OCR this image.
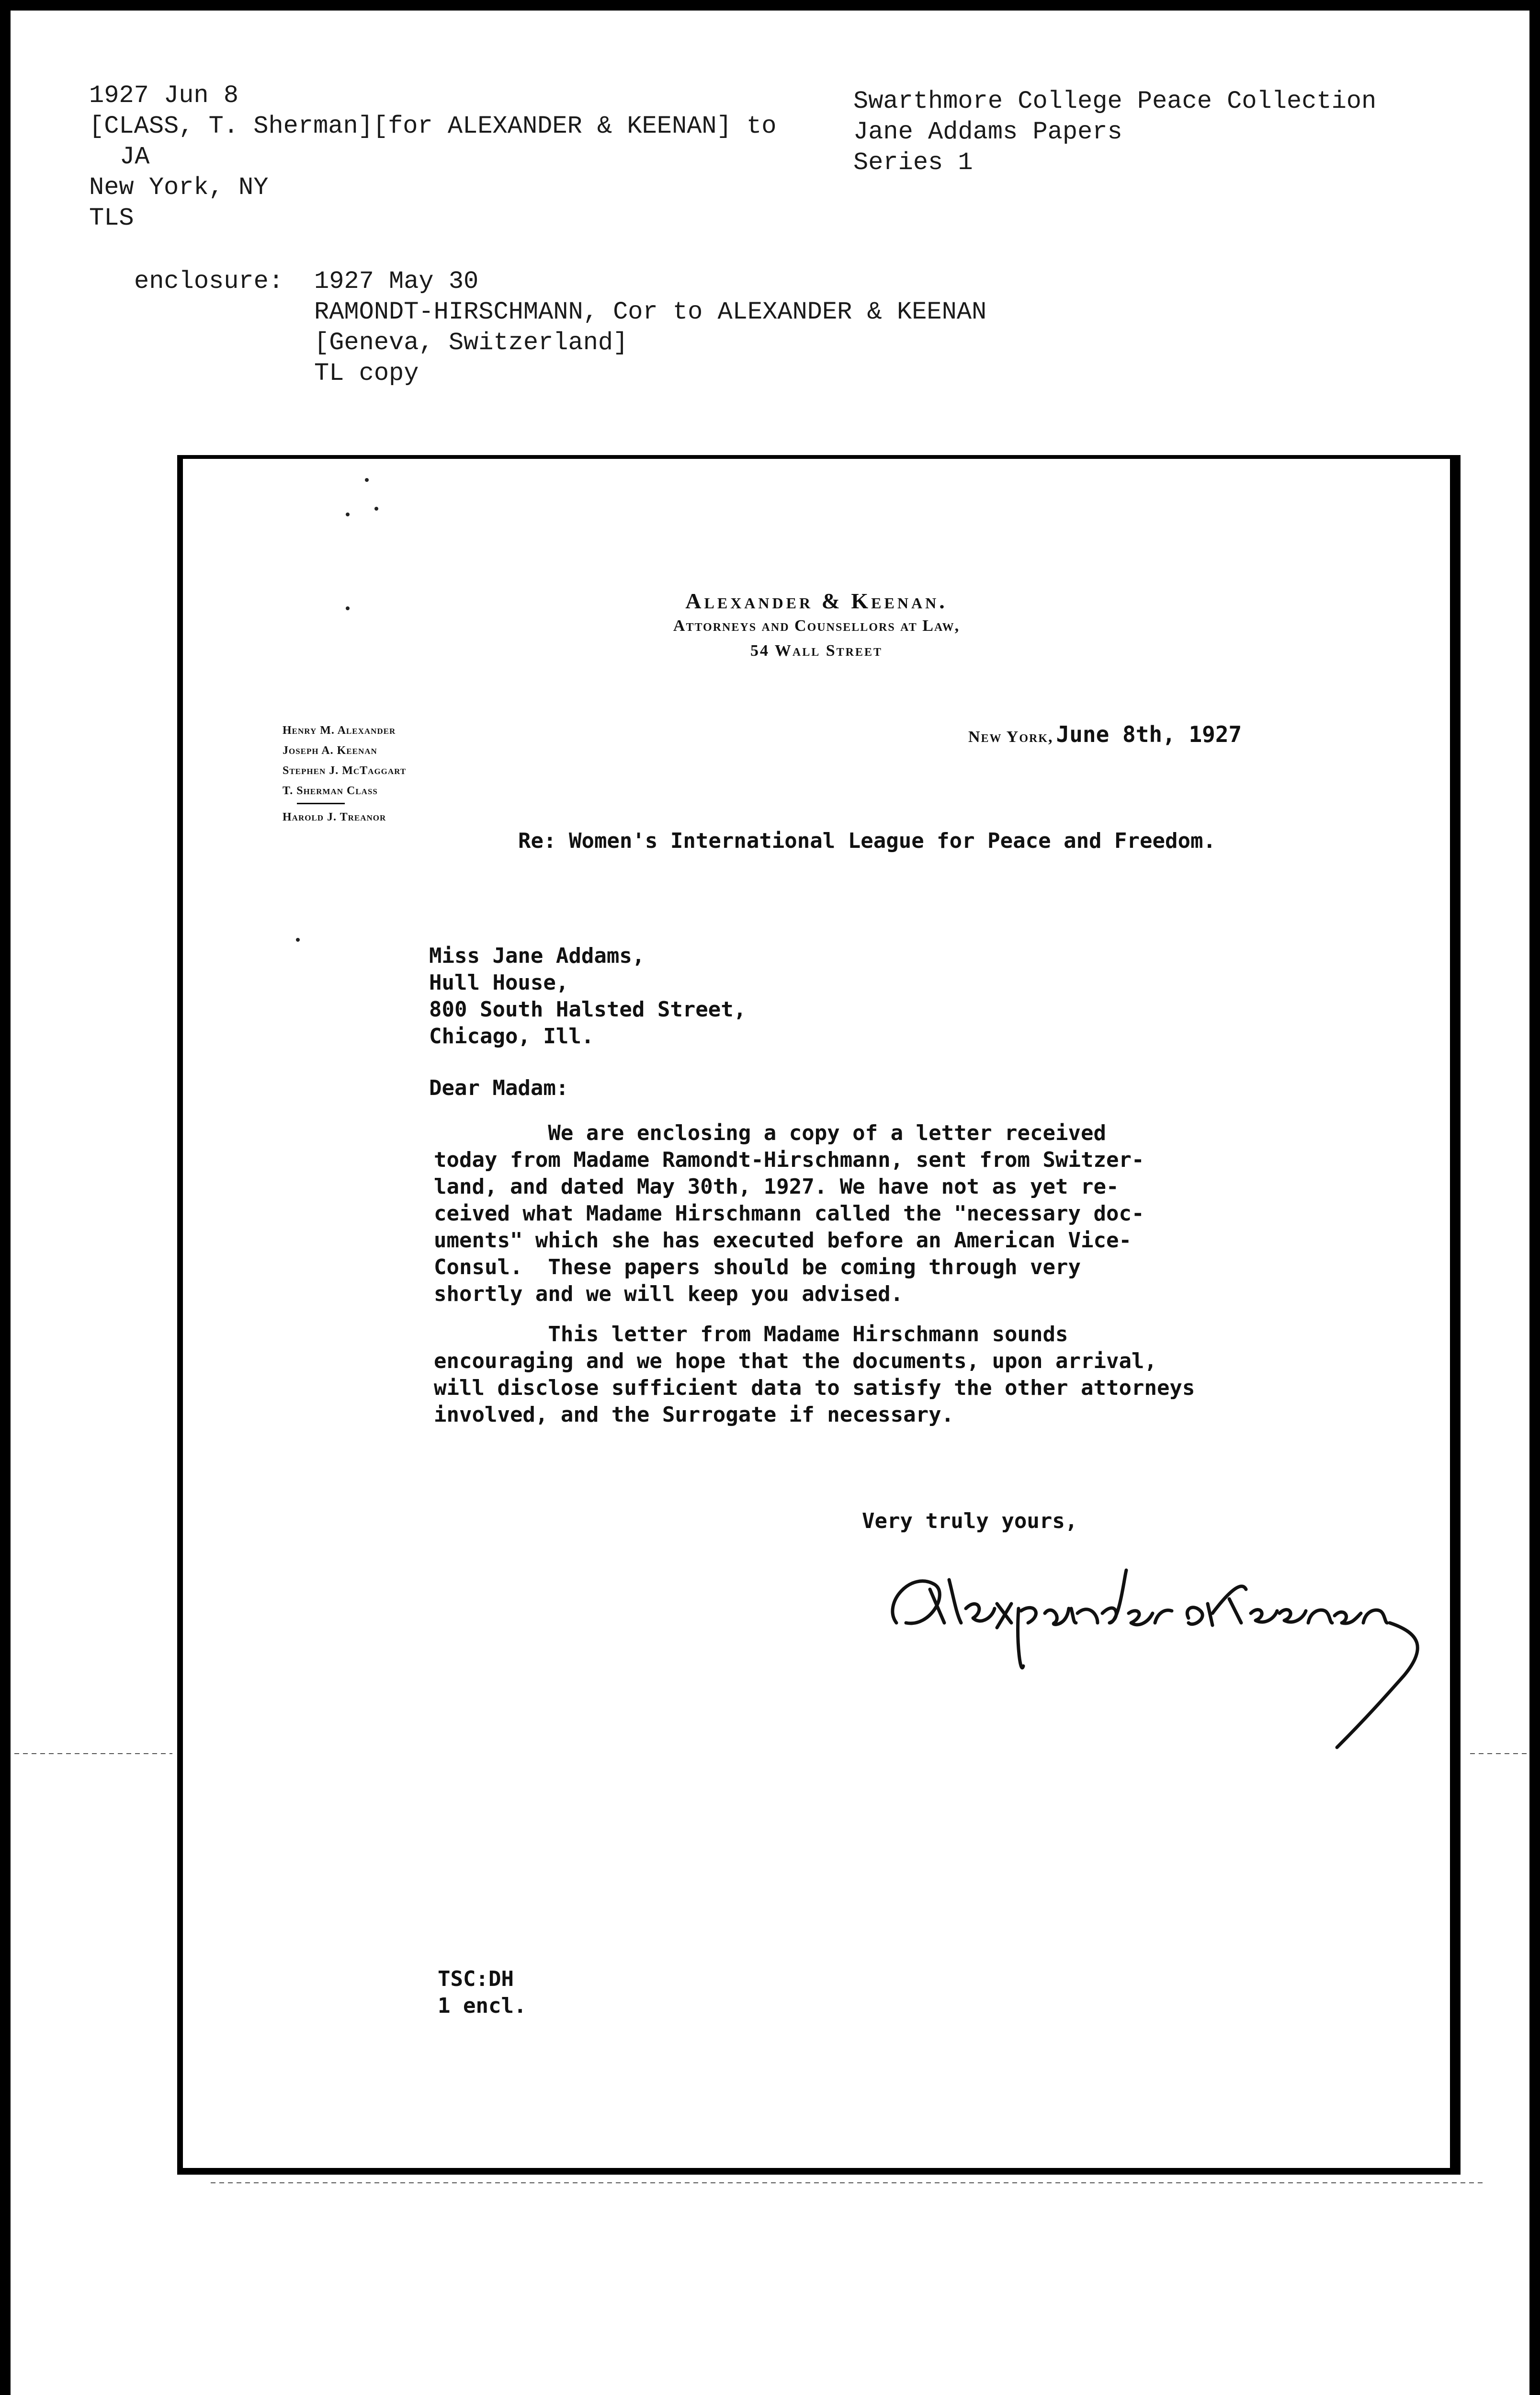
1927 Jun 8
[CLASS, T. Sherman][for ALEXANDER & KEENAN] to
JA
New York, NY
TLS
Swarthmore College Peace Collection
Jane Addams Papers
Series 1
enclosure:	1927 May 30
RAMONDT-HIRSCHMANN, Cor to ALEXANDER & KEENAN
[Geneva, Switzerland]
TL copy
Alexander & Keenan.
Attorneys and Counsellors at Law,
54 Wall Street
Henry M. Alexander
Joseph A. Keenan
Stephen J. McTaggart
T. Sherman Class
Harold J. Treanor
New York, June 8th, 1927
Re: Women's International League for Peace and Freedom.
Miss Jane Addams,
Hull House,
800 South Halsted Street,
Chicago, Ill.
Dear Madam:
We are enclosing a copy of a letter received
today from Madame Ramondt-Hirschmann, sent from Switzer-
land, and dated May 30th, 1927. We have not as yet re-
ceived what Madame Hirschmann called the "necessary doc-
uments" which she has executed before an American Vice-
Consul.  These papers should be coming through very
shortly and we will keep you advised.
This letter from Madame Hirschmann sounds
encouraging and we hope that the documents, upon arrival,
will disclose sufficient data to satisfy the other attorneys
involved, and the Surrogate if necessary.
Very truly yours,
TSC:DH
1 encl.
